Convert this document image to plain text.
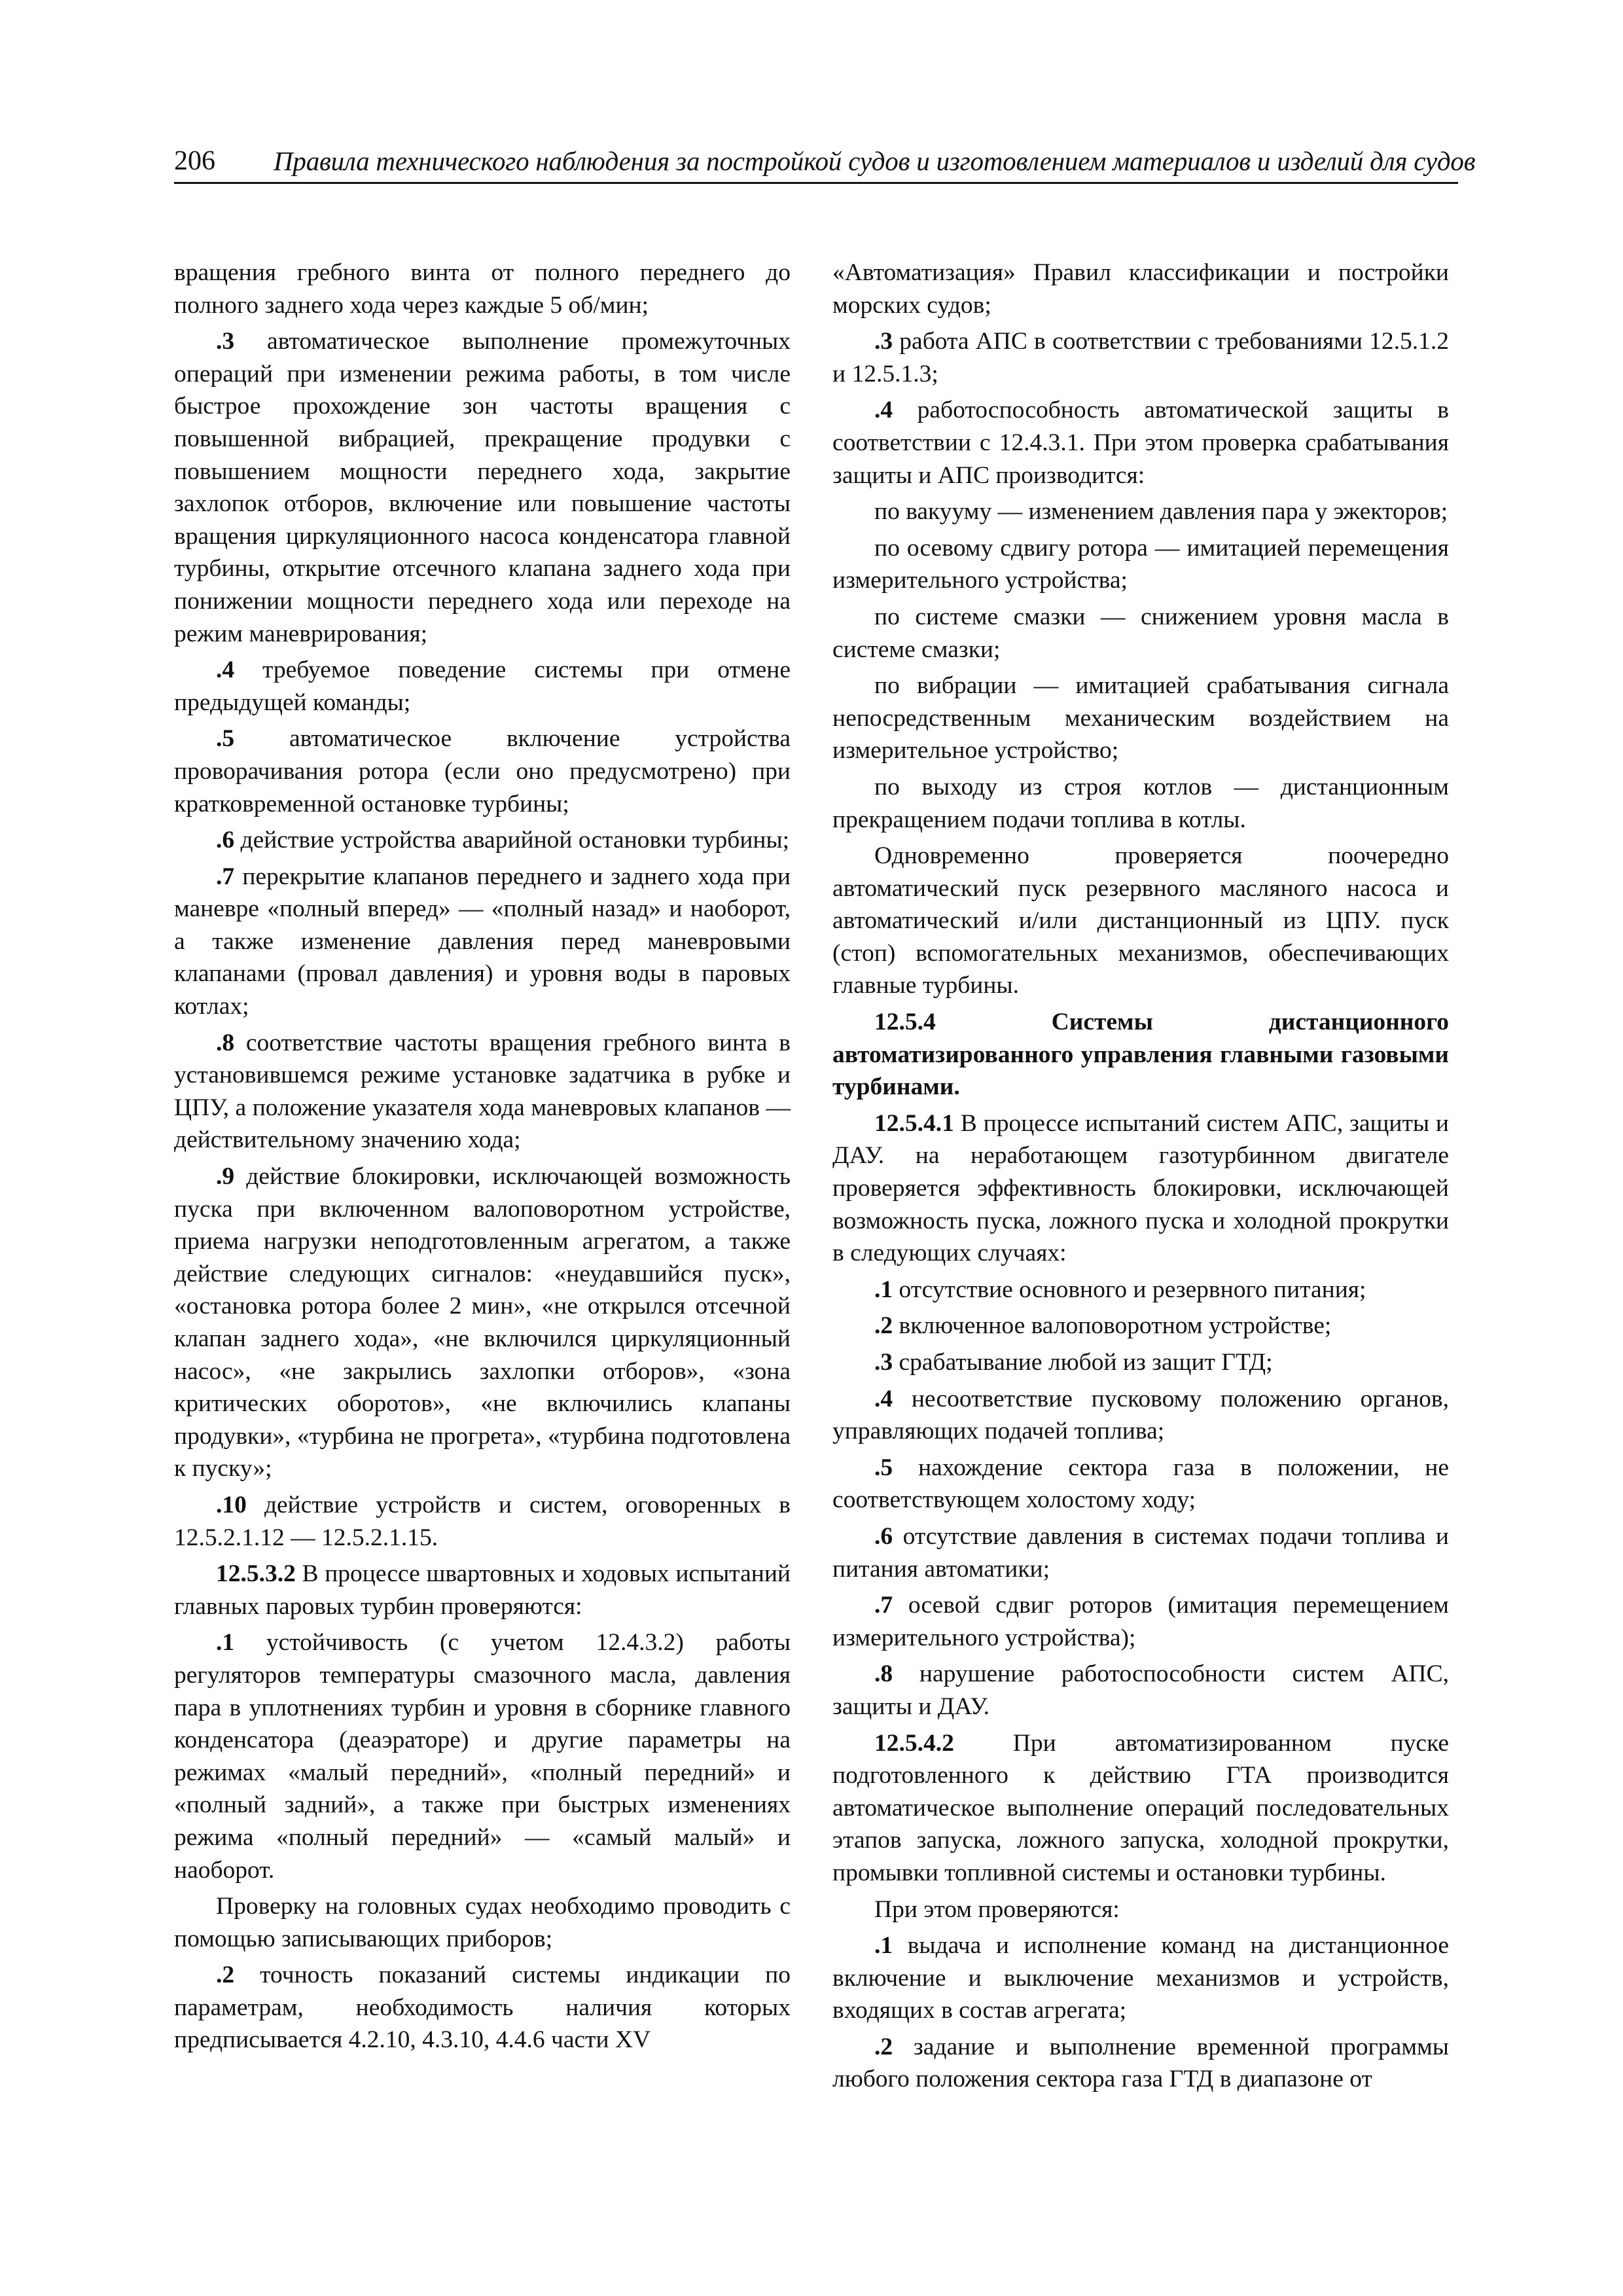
206 Правила технического наблюдения за постройкой судов и изготовлением материалов и изделий для судов

вращения гребного винта от полного переднего до полного заднего хода через каждые 5 об/мин;

.3 автоматическое выполнение промежуточных операций при изменении режима работы, в том числе быстрое прохождение зон частоты вращения с повышенной вибрацией, прекращение продувки с повышением мощности переднего хода, закрытие захлопок отборов, включение или повышение частоты вращения циркуляционного насоса конденсатора главной турбины, открытие отсечного клапана заднего хода при понижении мощности переднего хода или переходе на режим маневрирования;

.4 требуемое поведение системы при отмене предыдущей команды;

.5 автоматическое включение устройства проворачивания ротора (если оно предусмотрено) при кратковременной остановке турбины;

.6 действие устройства аварийной остановки турбины;

.7 перекрытие клапанов переднего и заднего хода при маневре «полный вперед» — «полный назад» и наоборот, а также изменение давления перед маневровыми клапанами (провал давления) и уровня воды в паровых котлах;

.8 соответствие частоты вращения гребного винта в установившемся режиме установке задатчика в рубке и ЦПУ, а положение указателя хода маневровых клапанов — действительному значению хода;

.9 действие блокировки, исключающей возможность пуска при включенном валоповоротном устройстве, приема нагрузки неподготовленным агрегатом, а также действие следующих сигналов: «неудавшийся пуск», «остановка ротора более 2 мин», «не открылся отсечной клапан заднего хода», «не включился циркуляционный насос», «не закрылись захлопки отборов», «зона критических оборотов», «не включились клапаны продувки», «турбина не прогрета», «турбина подготовлена к пуску»;

.10 действие устройств и систем, оговоренных в 12.5.2.1.12 — 12.5.2.1.15.

12.5.3.2 В процессе швартовных и ходовых испытаний главных паровых турбин проверяются:

.1 устойчивость (с учетом 12.4.3.2) работы регуляторов температуры смазочного масла, давления пара в уплотнениях турбин и уровня в сборнике главного конденсатора (деаэраторе) и другие параметры на режимах «малый передний», «полный передний» и «полный задний», а также при быстрых изменениях режима «полный передний» — «самый малый» и наоборот.

Проверку на головных судах необходимо проводить с помощью записывающих приборов;

.2 точность показаний системы индикации по параметрам, необходимость наличия которых предписывается 4.2.10, 4.3.10, 4.4.6 части XV

«Автоматизация» Правил классификации и постройки морских судов;

.3 работа АПС в соответствии с требованиями 12.5.1.2 и 12.5.1.3;

.4 работоспособность автоматической защиты в соответствии с 12.4.3.1. При этом проверка срабатывания защиты и АПС производится:

по вакууму — изменением давления пара у эжекторов;

по осевому сдвигу ротора — имитацией перемещения измерительного устройства;

по системе смазки — снижением уровня масла в системе смазки;

по вибрации — имитацией срабатывания сигнала непосредственным механическим воздействием на измерительное устройство;

по выходу из строя котлов — дистанционным прекращением подачи топлива в котлы.

Одновременно проверяется поочередно автоматический пуск резервного масляного насоса и автоматический и/или дистанционный из ЦПУ. пуск (стоп) вспомогательных механизмов, обеспечивающих главные турбины.

12.5.4 Системы дистанционного автоматизированного управления главными газовыми турбинами.

12.5.4.1 В процессе испытаний систем АПС, защиты и ДАУ. на неработающем газотурбинном двигателе проверяется эффективность блокировки, исключающей возможность пуска, ложного пуска и холодной прокрутки в следующих случаях:

.1 отсутствие основного и резервного питания;

.2 включенное валоповоротном устройстве;

.3 срабатывание любой из защит ГТД;

.4 несоответствие пусковому положению органов, управляющих подачей топлива;

.5 нахождение сектора газа в положении, не соответствующем холостому ходу;

.6 отсутствие давления в системах подачи топлива и питания автоматики;

.7 осевой сдвиг роторов (имитация перемещением измерительного устройства);

.8 нарушение работоспособности систем АПС, защиты и ДАУ.

12.5.4.2 При автоматизированном пуске подготовленного к действию ГТА производится автоматическое выполнение операций последовательных этапов запуска, ложного запуска, холодной прокрутки, промывки топливной системы и остановки турбины.

При этом проверяются:

.1 выдача и исполнение команд на дистанционное включение и выключение механизмов и устройств, входящих в состав агрегата;

.2 задание и выполнение временной программы любого положения сектора газа ГТД в диапазоне от
